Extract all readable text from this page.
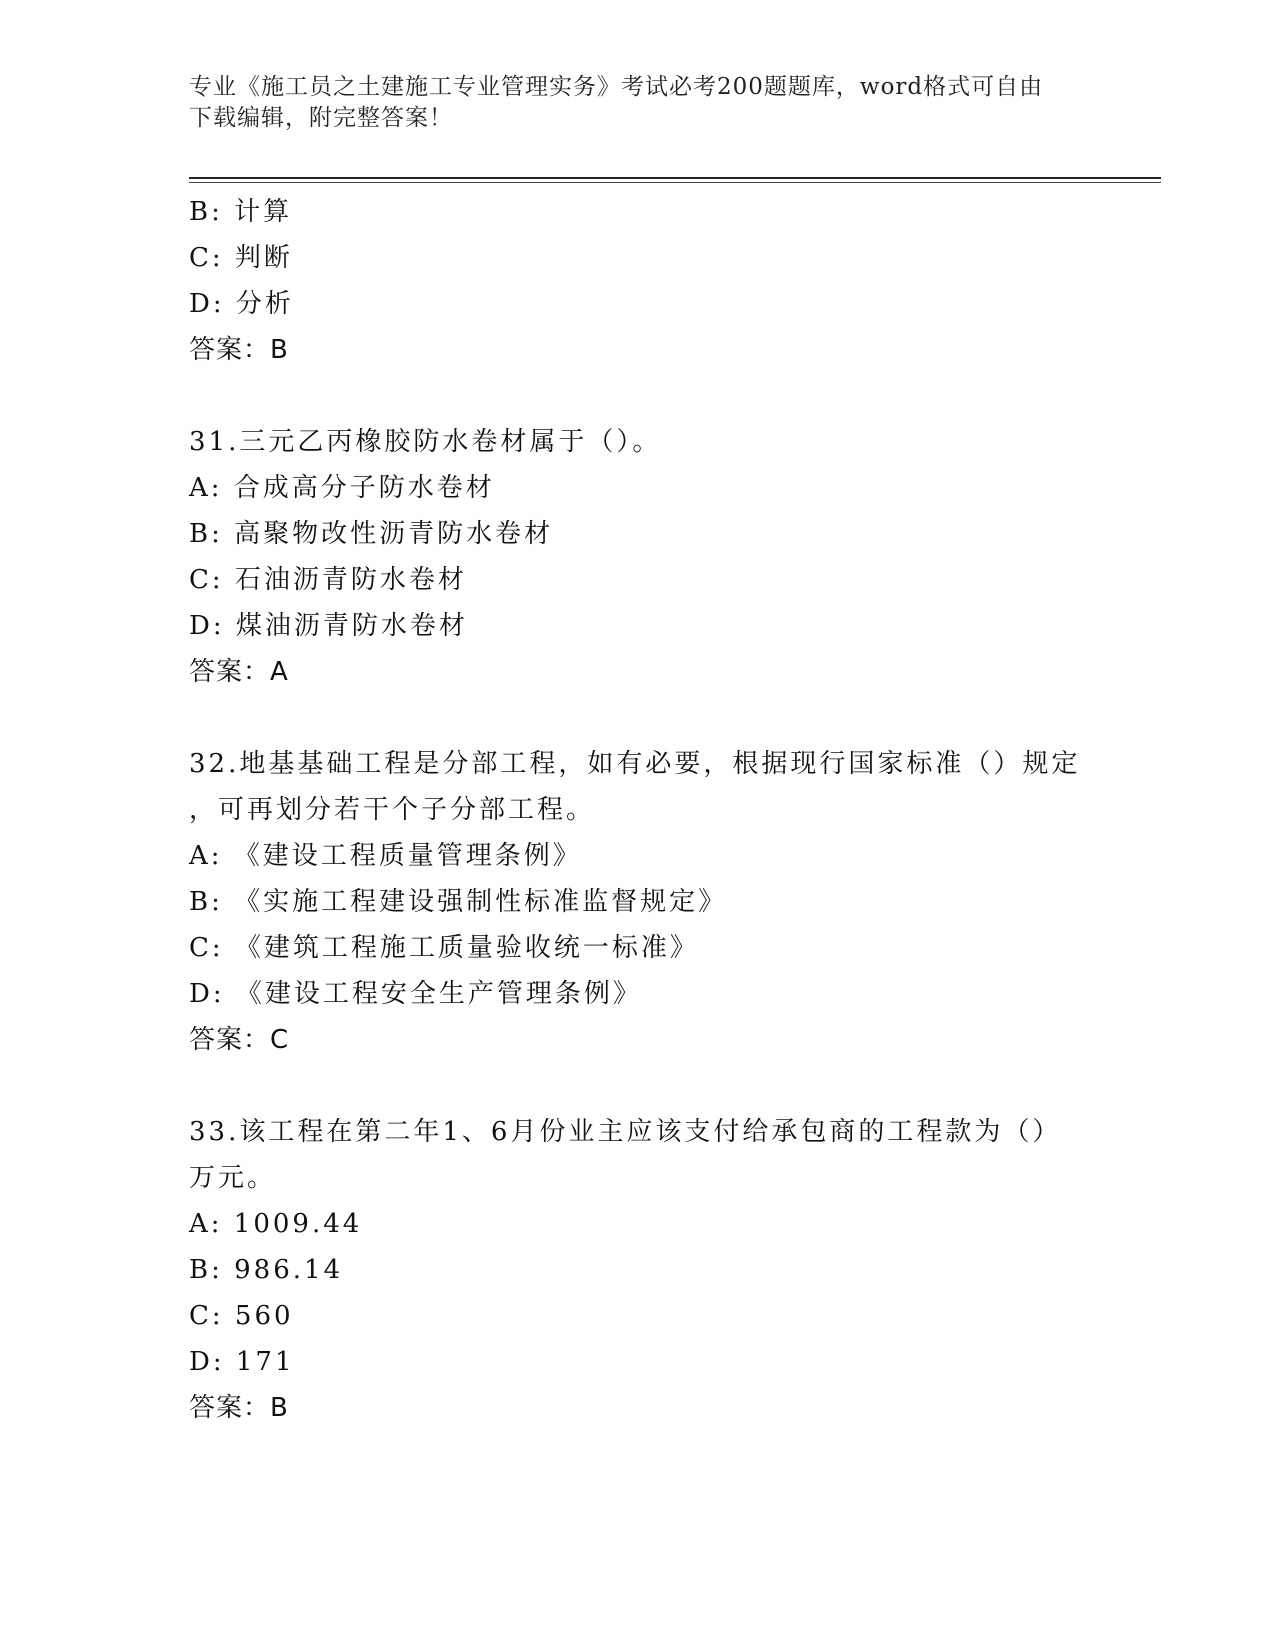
专业《施工员之土建施工专业管理实务》考试必考200题题库，word格式可自由
下载编辑，附完整答案！
B: 计算
C: 判断
D: 分析
答案：B
31.三元乙丙橡胶防水卷材属于（）。
A: 合成高分子防水卷材
B: 高聚物改性沥青防水卷材
C: 石油沥青防水卷材
D: 煤油沥青防水卷材
答案：A
32.地基基础工程是分部工程，如有必要，根据现行国家标准（）规定
，可再划分若干个子分部工程。
A: 《建设工程质量管理条例》
B: 《实施工程建设强制性标准监督规定》
C: 《建筑工程施工质量验收统一标准》
D: 《建设工程安全生产管理条例》
答案：C
33.该工程在第二年1、6月份业主应该支付给承包商的工程款为（）
万元。
A: 1009.44
B: 986.14
C: 560
D: 171
答案：B
